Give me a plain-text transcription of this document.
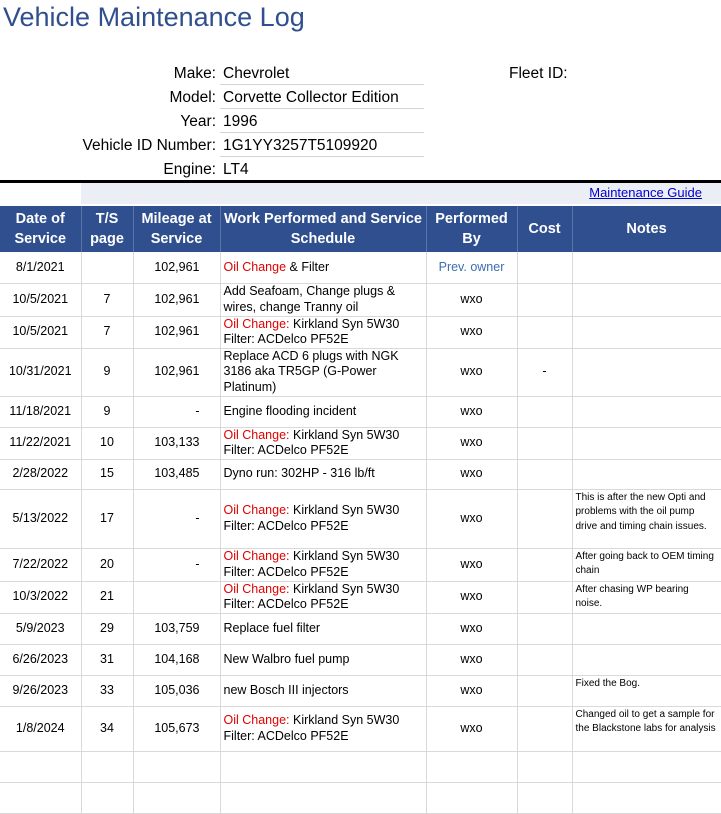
Vehicle Maintenance Log
Make: Chevrolet
Model: Corvette Collector Edition
Year: 1996
Vehicle ID Number: 1G1YY3257T5109920
Engine: LT4
Fleet ID:
Maintenance Guide
Date of Service	T/S page	Mileage at Service	Work Performed and Service Schedule	Performed By	Cost	Notes
8/1/2021		102,961	Oil Change & Filter	Prev. owner		
10/5/2021	7	102,961	Add Seafoam, Change plugs & wires, change Tranny oil	wxo		
10/5/2021	7	102,961	Oil Change: Kirkland Syn 5W30 Filter: ACDelco PF52E	wxo		
10/31/2021	9	102,961	Replace ACD 6 plugs with NGK 3186 aka TR5GP (G-Power Platinum)	wxo	-	
11/18/2021	9	-	Engine flooding incident	wxo		
11/22/2021	10	103,133	Oil Change: Kirkland Syn 5W30 Filter: ACDelco PF52E	wxo		
2/28/2022	15	103,485	Dyno run: 302HP - 316 lb/ft	wxo		
5/13/2022	17	-	Oil Change: Kirkland Syn 5W30 Filter: ACDelco PF52E	wxo		This is after the new Opti and problems with the oil pump drive and timing chain issues.
7/22/2022	20	-	Oil Change: Kirkland Syn 5W30 Filter: ACDelco PF52E	wxo		After going back to OEM timing chain
10/3/2022	21		Oil Change: Kirkland Syn 5W30 Filter: ACDelco PF52E	wxo		After chasing WP bearing noise.
5/9/2023	29	103,759	Replace fuel filter	wxo		
6/26/2023	31	104,168	New Walbro fuel pump	wxo		
9/26/2023	33	105,036	new Bosch III injectors	wxo		Fixed the Bog.
1/8/2024	34	105,673	Oil Change: Kirkland Syn 5W30 Filter: ACDelco PF52E	wxo		Changed oil to get a sample for the Blackstone labs for analysis
